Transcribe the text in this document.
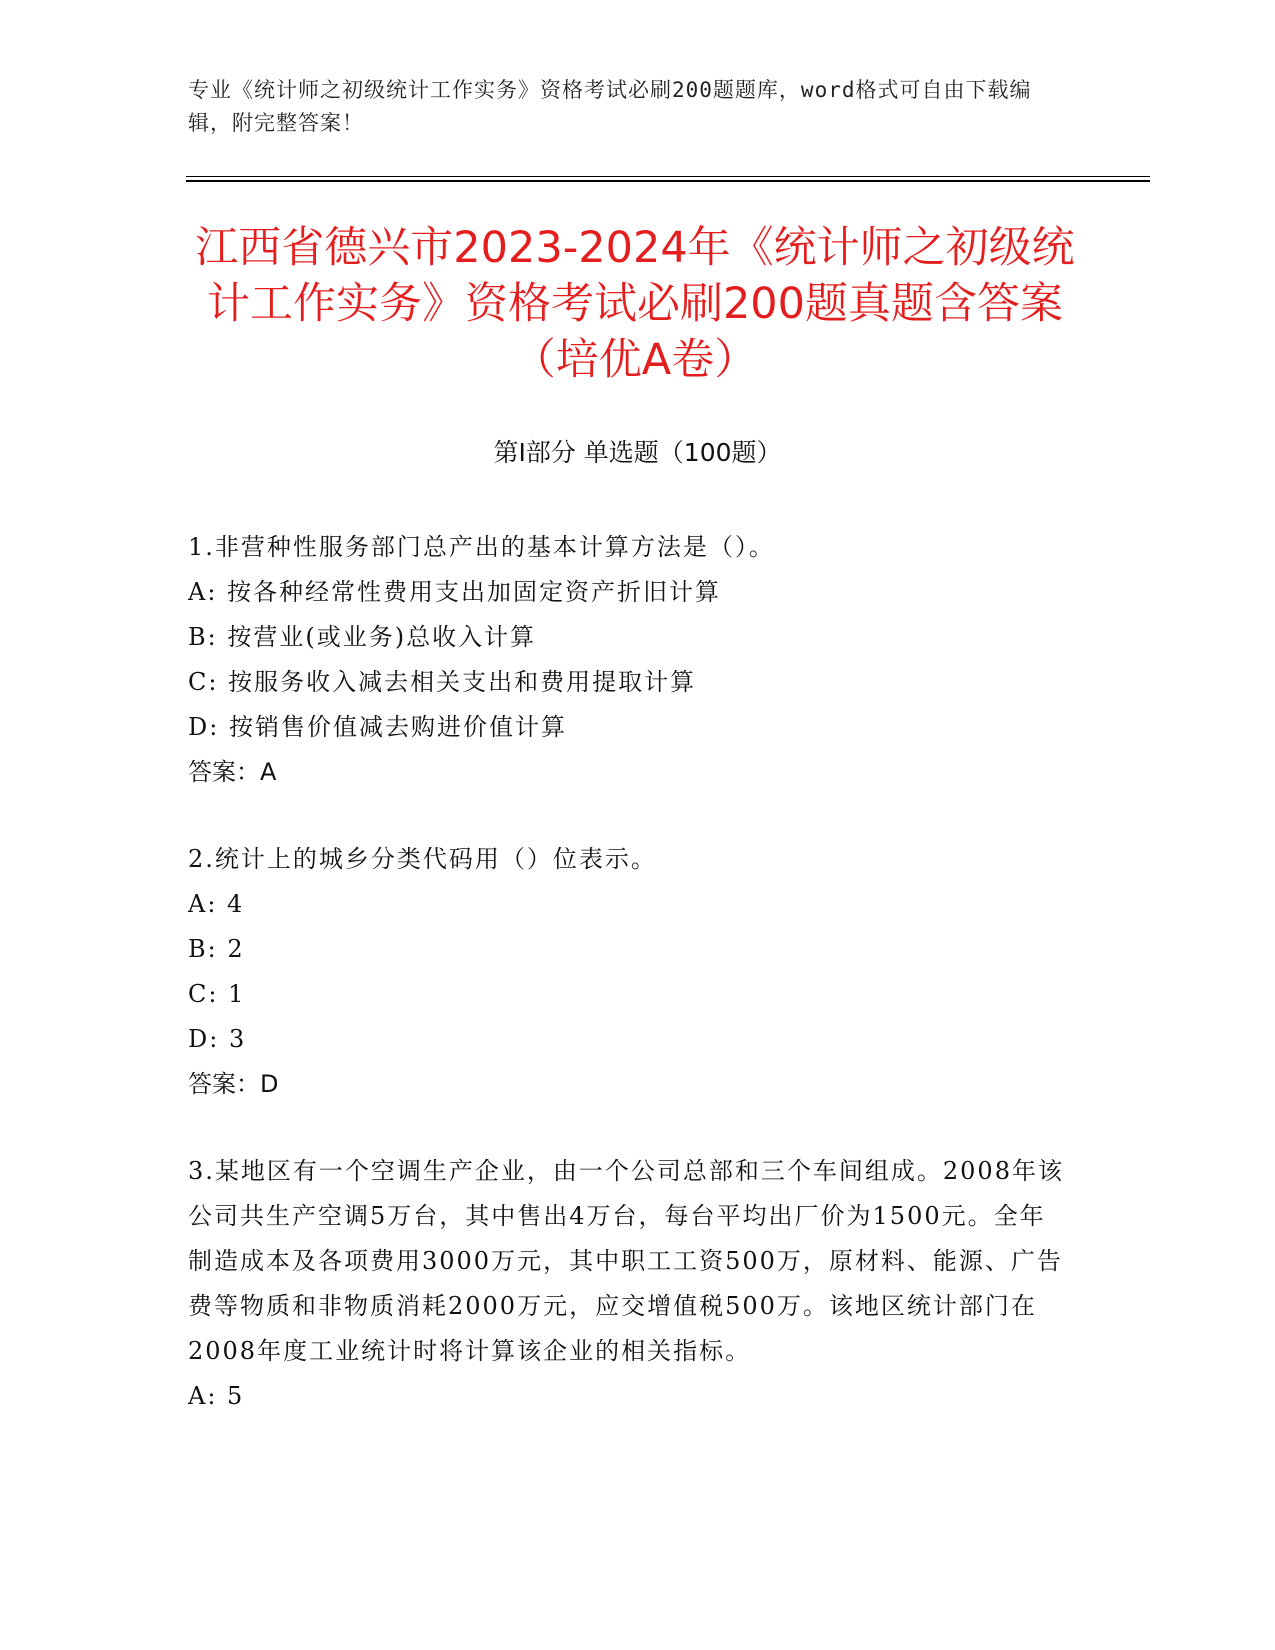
专业《统计师之初级统计工作实务》资格考试必刷200题题库，word格式可自由下载编辑，附完整答案！
江西省德兴市2023-2024年《统计师之初级统计工作实务》资格考试必刷200题真题含答案（培优A卷）
第Ⅰ部分 单选题（100题）

1.非营种性服务部门总产出的基本计算方法是（）。

A: 按各种经常性费用支出加固定资产折旧计算

B: 按营业(或业务)总收入计算

C: 按服务收入减去相关支出和费用提取计算

D: 按销售价值减去购进价值计算

答案：A

2.统计上的城乡分类代码用（）位表示。

A: 4

B: 2

C: 1

D: 3

答案：D

3.某地区有一个空调生产企业，由一个公司总部和三个车间组成。2008年该公司共生产空调5万台，其中售出4万台，每台平均出厂价为1500元。全年制造成本及各项费用3000万元，其中职工工资500万，原材料、能源、广告费等物质和非物质消耗2000万元，应交增值税500万。该地区统计部门在2008年度工业统计时将计算该企业的相关指标。

A: 5
